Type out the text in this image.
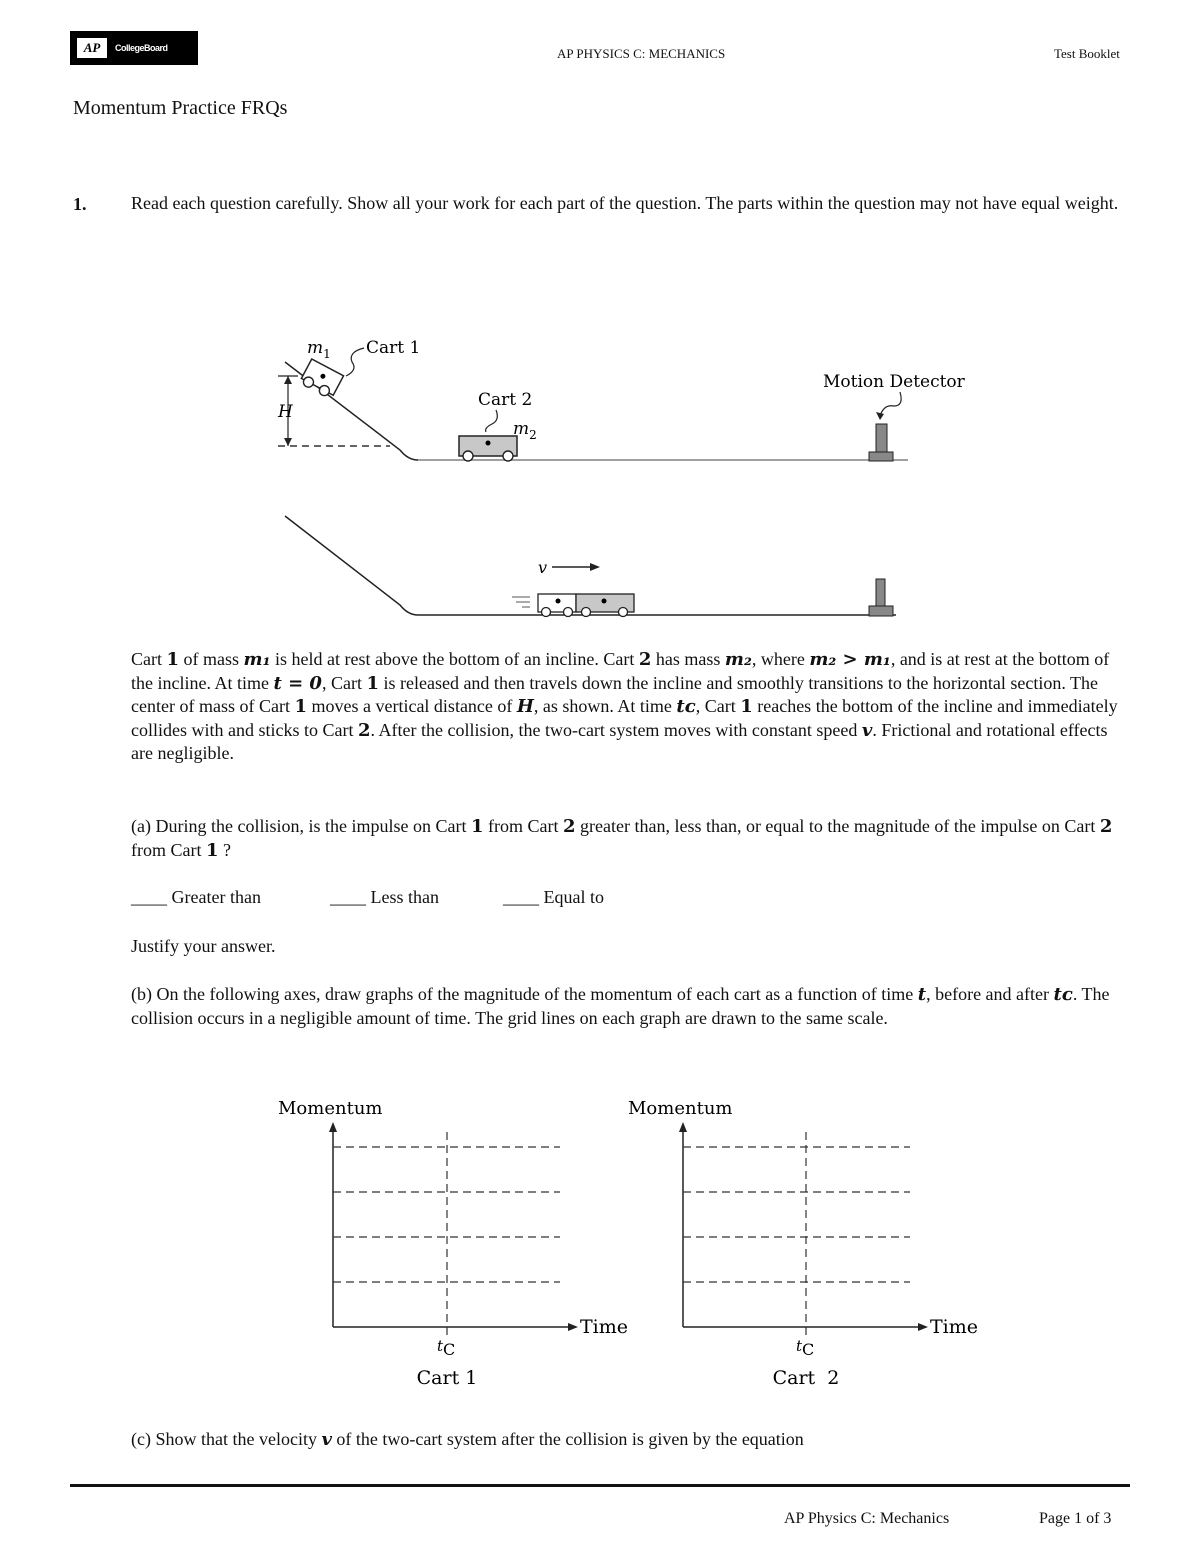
AP	CollegeBoard	AP PHYSICS C: MECHANICS	Test Booklet
Momentum Practice FRQs
1. Read each question carefully. Show all your work for each part of the question. The parts within the question may not have equal weight.
H
$m_1$ Cart 1
Cart 2
$m_2$
Motion Detector
v
Cart 1 of mass m₁ is held at rest above the bottom of an incline. Cart 2 has mass m₂, where m₂ > m₁, and is at rest at the bottom of the incline. At time t = 0, Cart 1 is released and then travels down the incline and smoothly transitions to the horizontal section. The center of mass of Cart 1 moves a vertical distance of H, as shown. At time tᴄ, Cart 1 reaches the bottom of the incline and immediately collides with and sticks to Cart 2. After the collision, the two-cart system moves with constant speed v. Frictional and rotational effects are negligible.
(a) During the collision, is the impulse on Cart 1 from Cart 2 greater than, less than, or equal to the magnitude of the impulse on Cart 2 from Cart 1 ?
____ Greater than	____ Less than	____ Equal to
Justify your answer.
(b) On the following axes, draw graphs of the magnitude of the momentum of each cart as a function of time t, before and after tᴄ. The collision occurs in a negligible amount of time. The grid lines on each graph are drawn to the same scale.
Momentum
Time
tC
Cart 1
Momentum
Time
tC
Cart  2
(c) Show that the velocity v of the two-cart system after the collision is given by the equation
AP Physics C: Mechanics	Page 1 of 3
